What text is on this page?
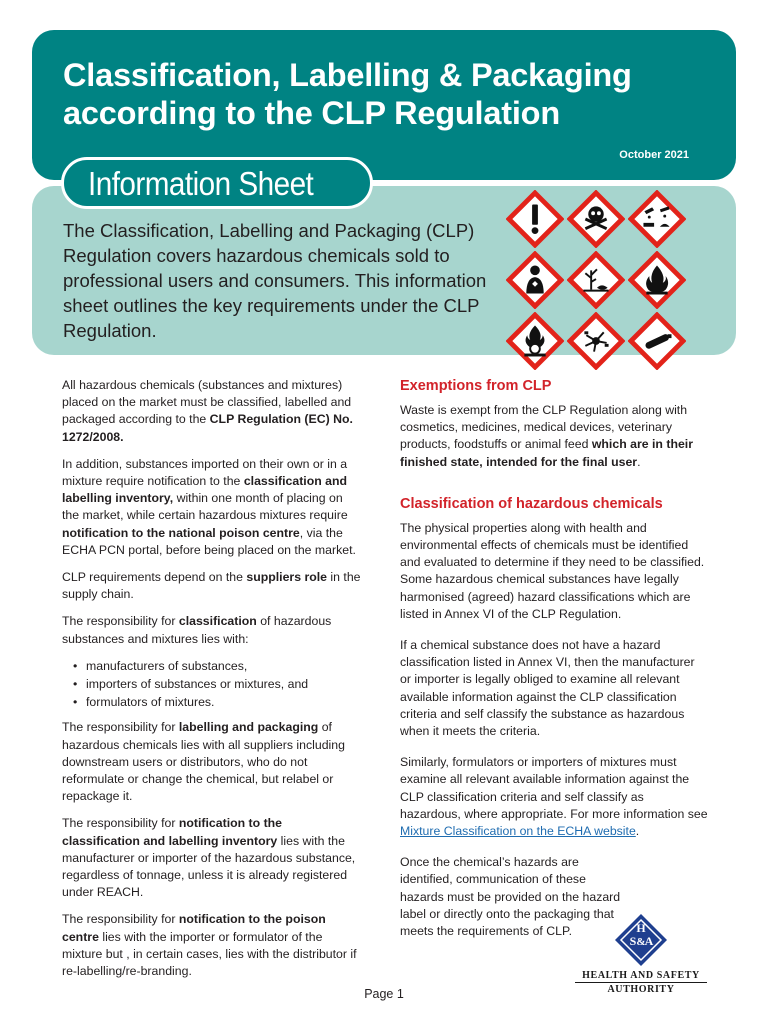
Classification, Labelling & Packaging
according to the CLP Regulation
October 2021
Information Sheet

The Classification, Labelling and Packaging (CLP) Regulation covers hazardous chemicals sold to professional users and consumers. This information sheet outlines the key requirements under the CLP Regulation.

All hazardous chemicals (substances and mixtures) placed on the market must be classified, labelled and packaged according to the CLP Regulation (EC) No. 1272/2008.

In addition, substances imported on their own or in a mixture require notification to the classification and labelling inventory, within one month of placing on the market, while certain hazardous mixtures require notification to the national poison centre, via the ECHA PCN portal, before being placed on the market.

CLP requirements depend on the suppliers role in the supply chain.

The responsibility for classification of hazardous substances and mixtures lies with:

• manufacturers of substances,
• importers of substances or mixtures, and
• formulators of mixtures.

The responsibility for labelling and packaging of hazardous chemicals lies with all suppliers including downstream users or distributors, who do not reformulate or change the chemical, but relabel or repackage it.

The responsibility for notification to the classification and labelling inventory lies with the manufacturer or importer of the hazardous substance, regardless of tonnage, unless it is already registered under REACH.

The responsibility for notification to the poison centre lies with the importer or formulator of the mixture but , in certain cases, lies with the distributor if re-labelling/re-branding.

Exemptions from CLP

Waste is exempt from the CLP Regulation along with cosmetics, medicines, medical devices, veterinary products, foodstuffs or animal feed which are in their finished state, intended for the final user.

Classification of hazardous chemicals

The physical properties along with health and environmental effects of chemicals must be identified and evaluated to determine if they need to be classified. Some hazardous chemical substances have legally harmonised (agreed) hazard classifications which are listed in Annex VI of the CLP Regulation.

If a chemical substance does not have a hazard classification listed in Annex VI, then the manufacturer or importer is legally obliged to examine all relevant available information against the CLP classification criteria and self classify the substance as hazardous when it meets the criteria.

Similarly, formulators or importers of mixtures must examine all relevant available information against the CLP classification criteria and self classify as hazardous, where appropriate. For more information see Mixture Classification on the ECHA website.

Once the chemical’s hazards are identified, communication of these hazards must be provided on the hazard label or directly onto the packaging that meets the requirements of CLP.	H
S & A
HEALTH AND SAFETY
AUTHORITY
Page 1
